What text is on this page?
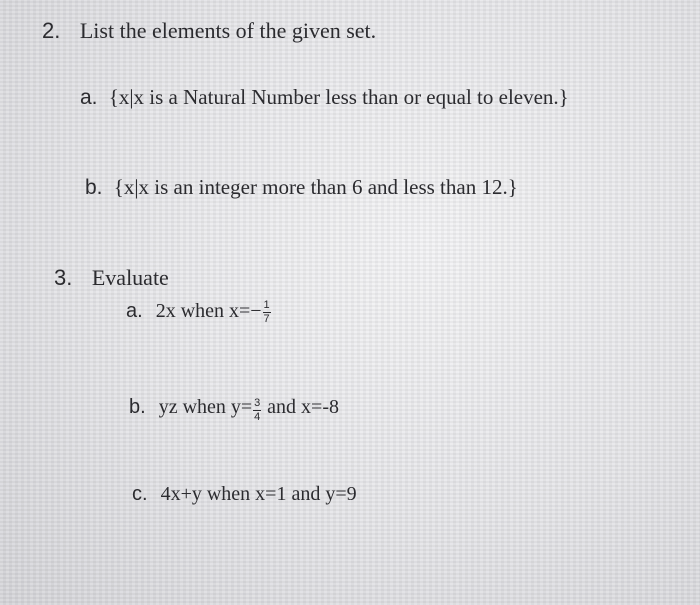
2. List the elements of the given set.
a. {x|x is a Natural Number less than or equal to eleven.}
b. {x|x is an integer more than 6 and less than 12.}
3. Evaluate
a. 2x when $x=- \frac{1}{7}$
b. yz when $y= \frac{3}{4}$ and x=-8
c. 4x+y when x=1 and y=9
